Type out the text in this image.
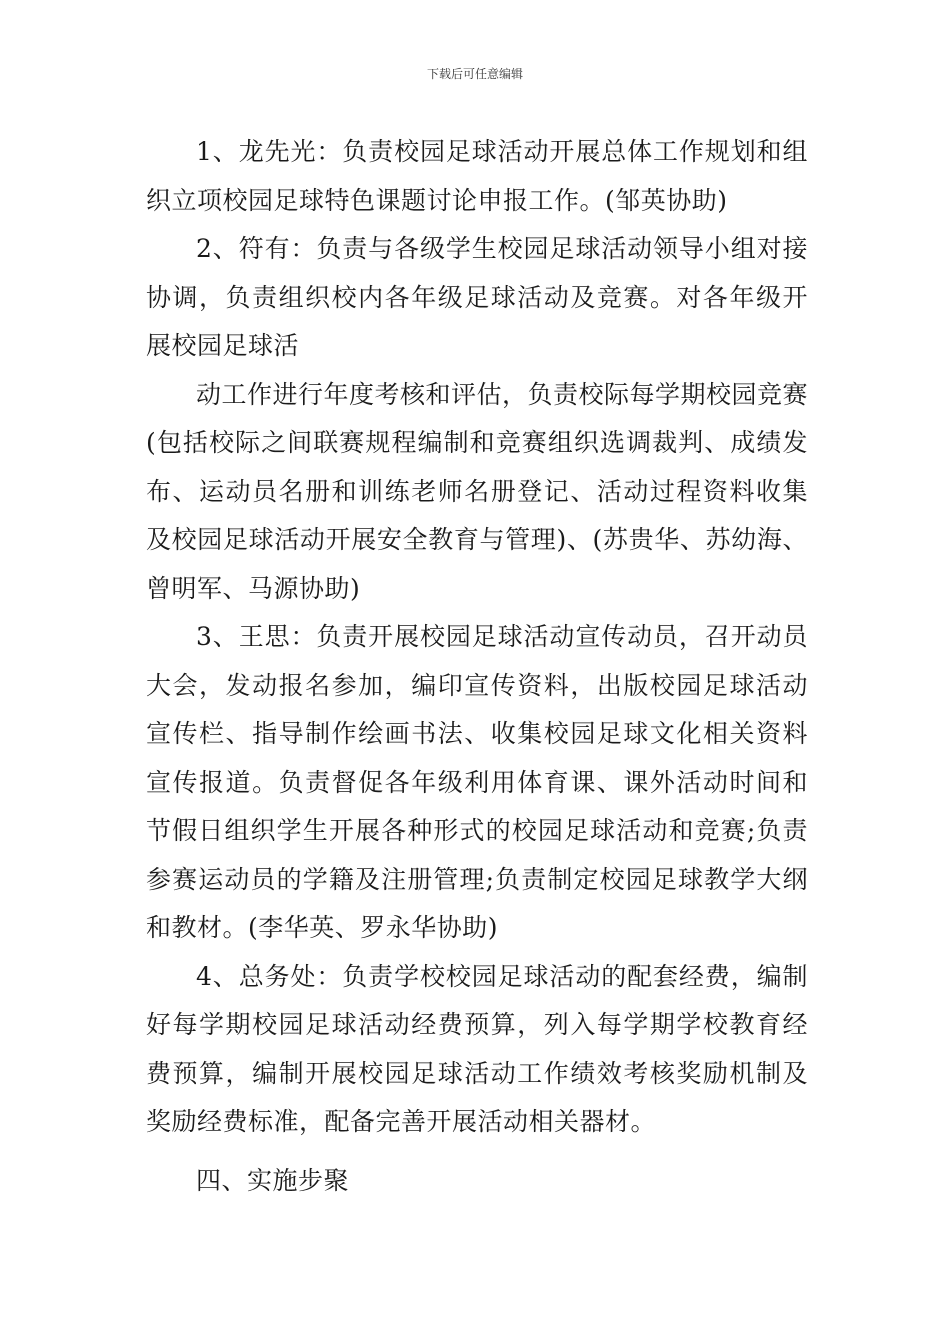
下载后可任意编辑

1、龙先光：负责校园足球活动开展总体工作规划和组织立项校园足球特色课题讨论申报工作。(邹英协助)

2、符有：负责与各级学生校园足球活动领导小组对接协调，负责组织校内各年级足球活动及竞赛。对各年级开展校园足球活

动工作进行年度考核和评估，负责校际每学期校园竞赛(包括校际之间联赛规程编制和竞赛组织选调裁判、成绩发布、运动员名册和训练老师名册登记、活动过程资料收集及校园足球活动开展安全教育与管理)、(苏贵华、苏幼海、曾明军、马源协助)

3、王思：负责开展校园足球活动宣传动员，召开动员大会，发动报名参加，编印宣传资料，出版校园足球活动宣传栏、指导制作绘画书法、收集校园足球文化相关资料宣传报道。负责督促各年级利用体育课、课外活动时间和节假日组织学生开展各种形式的校园足球活动和竞赛;负责参赛运动员的学籍及注册管理;负责制定校园足球教学大纲和教材。(李华英、罗永华协助)

4、总务处：负责学校校园足球活动的配套经费，编制好每学期校园足球活动经费预算，列入每学期学校教育经费预算，编制开展校园足球活动工作绩效考核奖励机制及奖励经费标准，配备完善开展活动相关器材。

四、实施步聚
